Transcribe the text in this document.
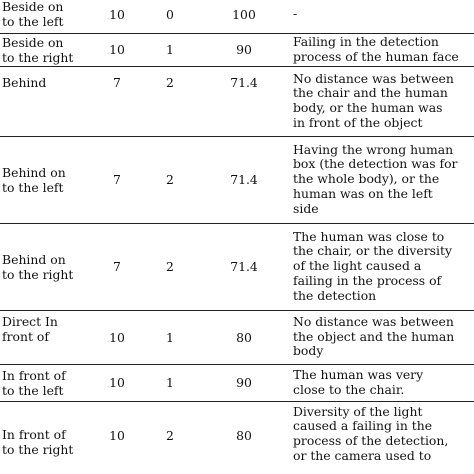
Beside on
to the left	10	0	100	-
Beside on
to the right	10	1	90	Failing in the detection
process of the human face
Behind	7	2	71.4	No distance was between
the chair and the human
body, or the human was
in front of the object
Behind on
to the left	7	2	71.4	Having the wrong human
box (the detection was for
the whole body), or the
human was on the left
side
Behind on
to the right	7	2	71.4	The human was close to
the chair, or the diversity
of the light caused a
failing in the process of
the detection
Direct In
front of	10	1	80	No distance was between
the object and the human
body
In front of
to the left	10	1	90	The human was very
close to the chair.
In front of
to the right	10	2	80	Diversity of the light
caused a failing in the
process of the detection,
or the camera used to
